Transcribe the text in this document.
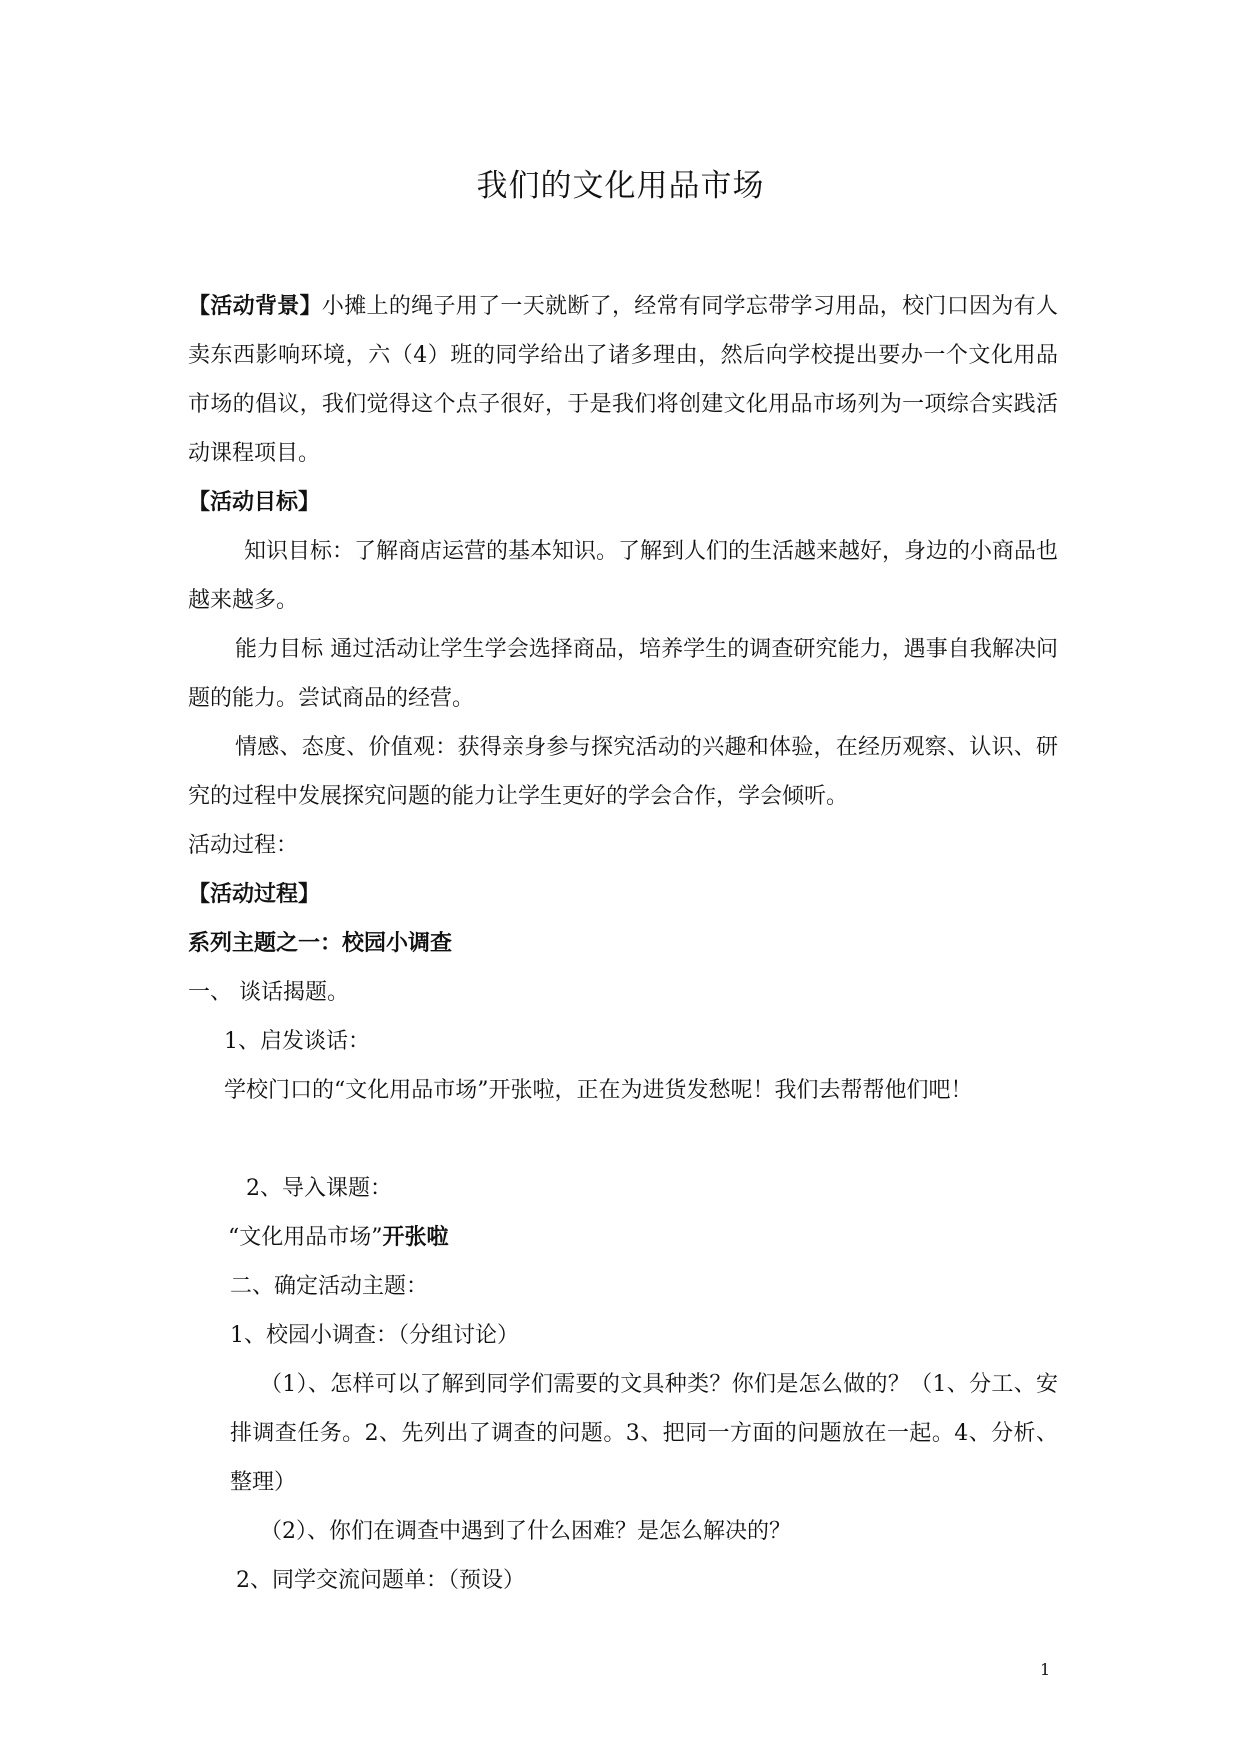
我们的文化用品市场
【活动背景】小摊上的绳子用了一天就断了，经常有同学忘带学习用品，校门口因为有人卖东西影响环境，六（4）班的同学给出了诸多理由，然后向学校提出要办一个文化用品市场的倡议，我们觉得这个点子很好，于是我们将创建文化用品市场列为一项综合实践活动课程项目。
【活动目标】
知识目标：了解商店运营的基本知识。了解到人们的生活越来越好，身边的小商品也越来越多。
能力目标 通过活动让学生学会选择商品，培养学生的调查研究能力，遇事自我解决问题的能力。尝试商品的经营。
情感、态度、价值观：获得亲身参与探究活动的兴趣和体验，在经历观察、认识、研究的过程中发展探究问题的能力让学生更好的学会合作，学会倾听。
活动过程：
【活动过程】
系列主题之一：校园小调查
一、 谈话揭题。
1、启发谈话：
学校门口的“文化用品市场”开张啦，正在为进货发愁呢！我们去帮帮他们吧！
2、导入课题：
“文化用品市场”开张啦
二、确定活动主题：
1、校园小调查：（分组讨论）
（1）、怎样可以了解到同学们需要的文具种类？你们是怎么做的？（1、分工、安排调查任务。2、先列出了调查的问题。3、把同一方面的问题放在一起。4、分析、整理）
（2）、你们在调查中遇到了什么困难？是怎么解决的？
2、同学交流问题单：（预设）
1
